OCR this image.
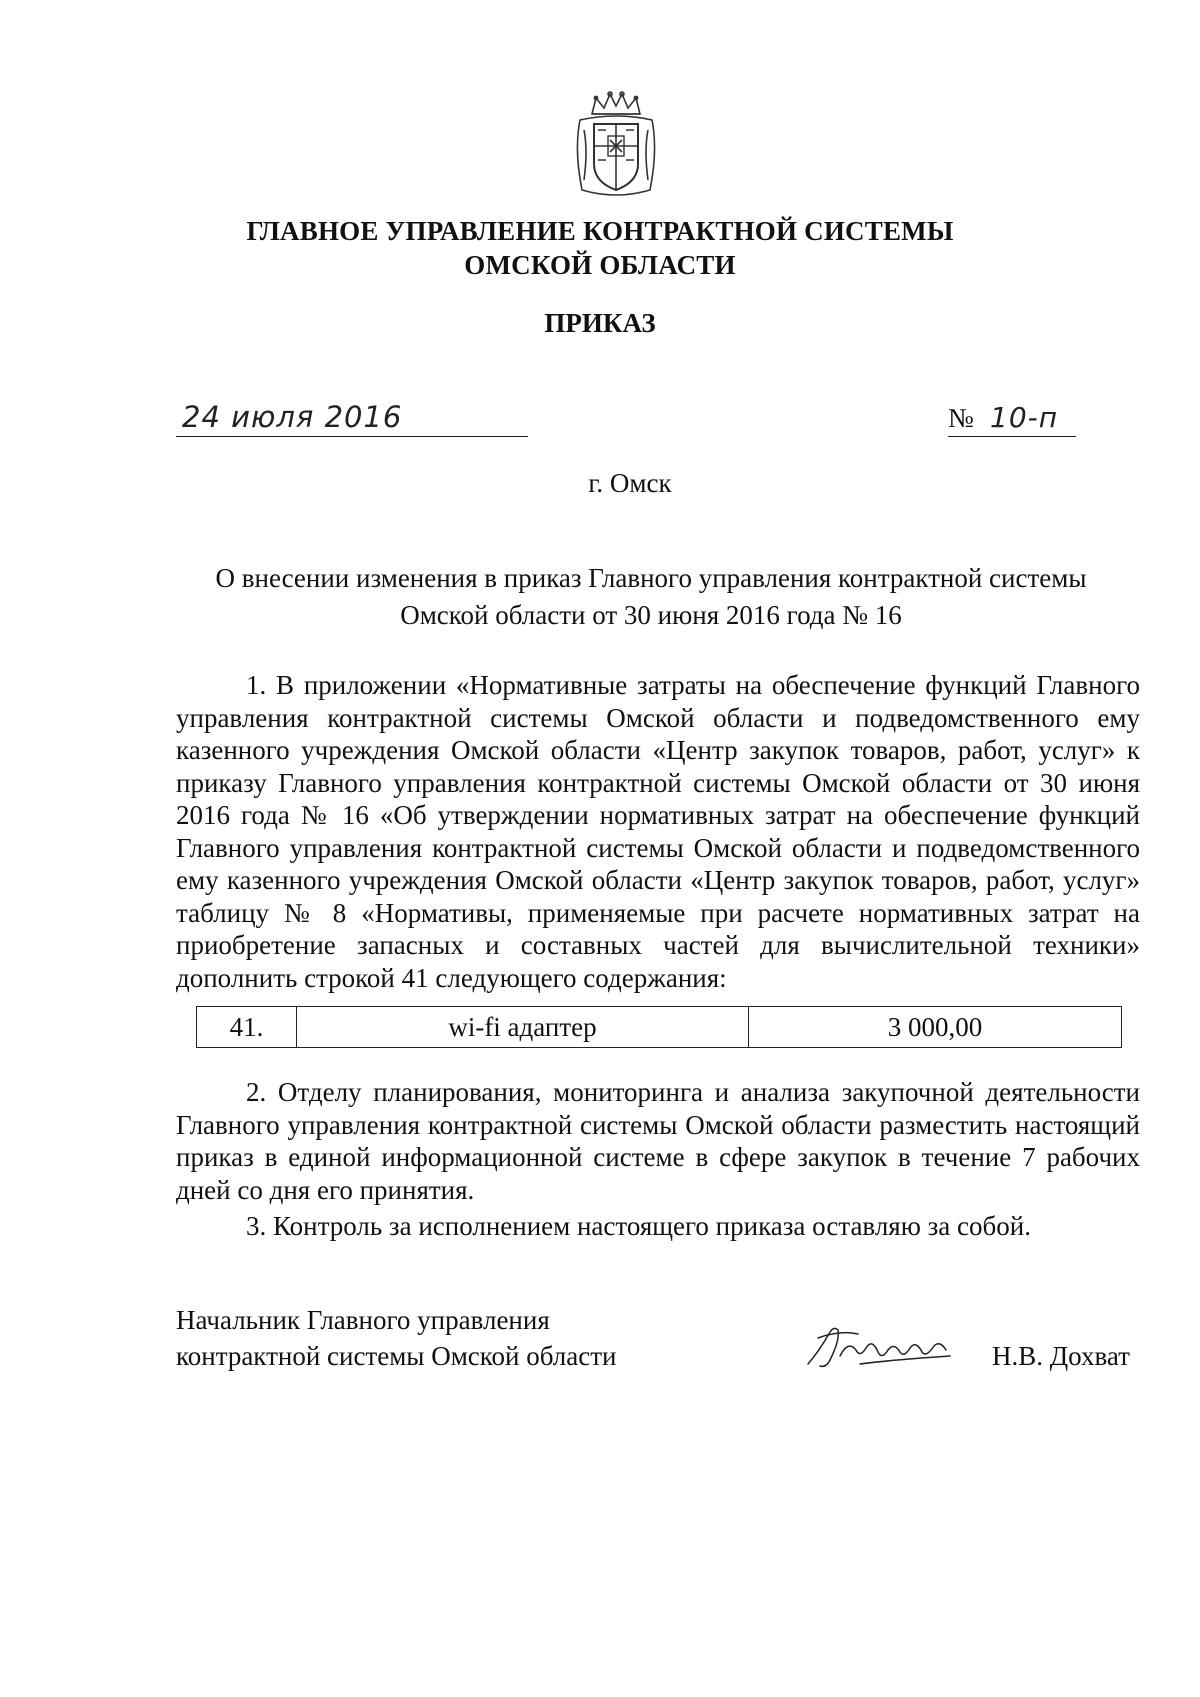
ГЛАВНОЕ УПРАВЛЕНИЕ КОНТРАКТНОЙ СИСТЕМЫ
ОМСКОЙ ОБЛАСТИ
ПРИКАЗ
24 июля 2016	№ 10-п
г. Омск
О внесении изменения в приказ Главного управления контрактной системы
Омской области от 30 июня 2016 года № 16

1. В приложении «Нормативные затраты на обеспечение функций Главного управления контрактной системы Омской области и подведомственного ему казенного учреждения Омской области «Центр закупок товаров, работ, услуг» к приказу Главного управления контрактной системы Омской области от 30 июня 2016 года № 16 «Об утверждении нормативных затрат на обеспечение функций Главного управления контрактной системы Омской области и подведомственного ему казенного учреждения Омской области «Центр закупок товаров, работ, услуг» таблицу № 8 «Нормативы, применяемые при расчете нормативных затрат на приобретение запасных и составных частей для вычислительной техники» дополнить строкой 41 следующего содержания:

41.	wi-fi адаптер	3 000,00

2. Отделу планирования, мониторинга и анализа закупочной деятельности Главного управления контрактной системы Омской области разместить настоящий приказ в единой информационной системе в сфере закупок в течение 7 рабочих дней со дня его принятия.

3. Контроль за исполнением настоящего приказа оставляю за собой.

Начальник Главного управления
контрактной системы Омской области	Н.В. Дохват
